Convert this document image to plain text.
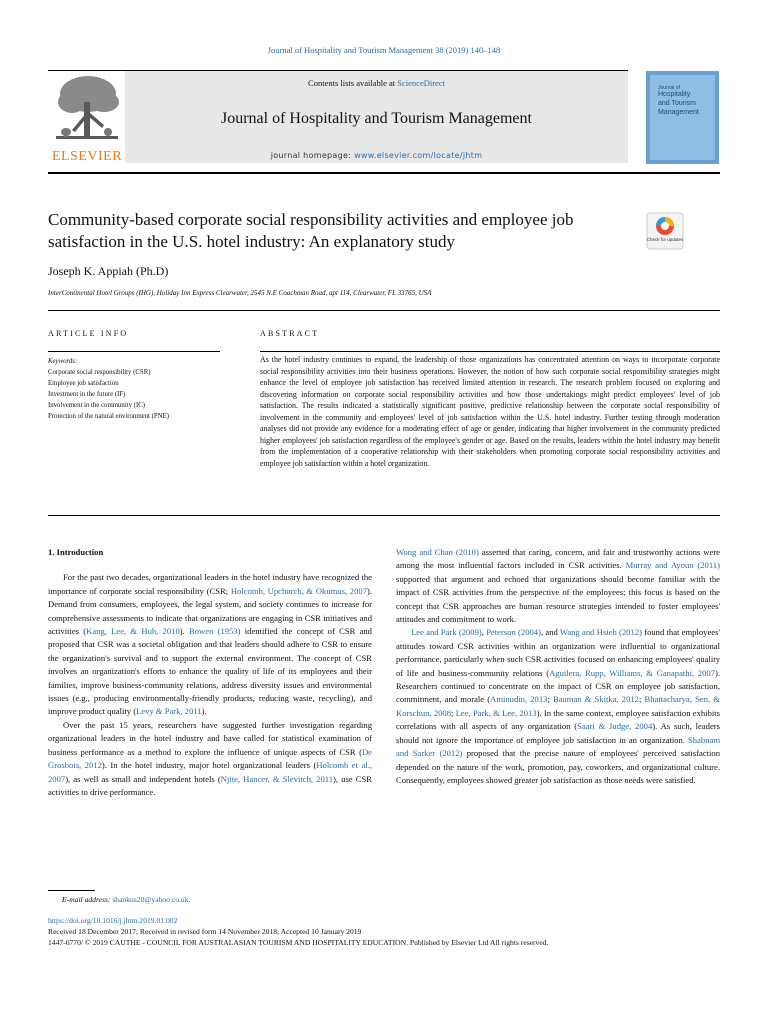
Journal of Hospitality and Tourism Management 38 (2019) 140–148
ELSEVIER
Contents lists available at ScienceDirect
Journal of Hospitality and Tourism Management
journal homepage: www.elsevier.com/locate/jhtm
Journal of
Hospitality
and Tourism
Management
Community-based corporate social responsibility activities and employee job satisfaction in the U.S. hotel industry: An explanatory study	Check for updates
Joseph K. Appiah (Ph.D)
InterContinental Hotel Groups (IHG), Holiday Inn Express Clearwater, 2545 N.E Coachman Road, apt 114, Clearwater, FL 33765, USA
ARTICLE INFO	ABSTRACT
Keywords:
Corporate social responsibility (CSR)
Employee job satisfaction
Investment in the future (IF)
Involvement in the community (IC)
Protection of the natural environment (PNE)
As the hotel industry continues to expand, the leadership of those organizations has concentrated attention on ways to incorporate corporate social responsibility activities into their business operations. However, the notion of how such corporate social responsibility strategies might enhance the level of employee job satisfaction has received limited attention in research. The research problem focused on exploring and discovering information on corporate social responsibility activities and how those undertakings might predict employees' level of job satisfaction. The results indicated a statistically significant positive, predictive relationship between the corporate social responsibility of involvement in the community and employees' level of job satisfaction within the U.S. hotel industry. Further testing through moderation analyses did not provide any evidence for a moderating effect of age or gender, indicating that higher involvement in the community predicted higher employees' job satisfaction regardless of the employee's gender or age. Based on the results, leaders within the hotel industry may benefit from the implementation of a cooperative relationship with their stakeholders when promoting corporate social responsibility activities and employee job satisfaction within a hotel organization.
1. Introduction

For the past two decades, organizational leaders in the hotel industry have recognized the importance of corporate social responsibility (CSR; Holcomb, Upchurch, & Okumus, 2007). Demand from consumers, employees, the legal system, and society continues to increase for comprehensive assessments to indicate that organizations are engaging in CSR initiatives and activities (Kang, Lee, & Huh, 2010). Bowen (1953) identified the concept of CSR and proposed that CSR was a societal obligation and that leaders should adhere to CSR to ensure the organization's survival and to support the external environment. The concept of CSR involves an organization's efforts to enhance the quality of life of its employees and their families, improve business-community relations, address diversity issues and environmental issues (e.g., producing environmentally-friendly products, reducing waste, recycling), and improve product quality (Levy & Park, 2011).

Over the past 15 years, researchers have suggested further investigation regarding organizational leaders in the hotel industry and have called for statistical examination of business performance as a method to explore the influence of unique aspects of CSR (De Grosbois, 2012). In the hotel industry, major hotel organizational leaders (Holcomb et al., 2007), as well as small and independent hotels (Njite, Hancer, & Slevitch, 2011), use CSR activities to drive performance.

Wong and Chan (2010) asserted that caring, concern, and fair and trustworthy actions were among the most influential factors included in CSR activities. Murray and Ayoun (2011) supported that argument and echoed that organizations should become familiar with the impact of CSR activities from the perspective of the employees; this focus is based on the concept that CSR approaches are human resource strategies intended to foster employees' attitudes and commitment to work.

Lee and Park (2009), Peterson (2004), and Wang and Hsieh (2012) found that employees' attitudes toward CSR activities within an organization were influential to organizational performance, particularly when such CSR activities focused on enhancing employees' quality of life and business-community relations (Aguilera, Rupp, Williams, & Ganapathi, 2007). Researchers continued to concentrate on the impact of CSR on employee job satisfaction, commitment, and morale (Aminudin, 2013; Bauman & Skitka, 2012; Bhattacharya, Sen, & Korschun, 2008; Lee, Park, & Lee, 2013). In the same context, employee satisfaction exhibits correlations with all aspects of any organization (Saari & Judge, 2004). As such, leaders should not ignore the importance of employee job satisfaction in an organization. Shabnam and Sarker (2012) proposed that the precise nature of employees' perceived satisfaction depended on the nature of the work, promotion, pay, coworkers, and organizational culture. Consequently, employees showed greater job satisfaction as those needs were satisfied.

E-mail address: shankus20@yahoo.co.uk.
https://doi.org/10.1016/j.jhtm.2019.01.002
Received 18 December 2017; Received in revised form 14 November 2018; Accepted 10 January 2019
1447-6770/ © 2019 CAUTHE - COUNCIL FOR AUSTRALASIAN TOURISM AND HOSPITALITY EDUCATION. Published by Elsevier Ltd All rights reserved.
